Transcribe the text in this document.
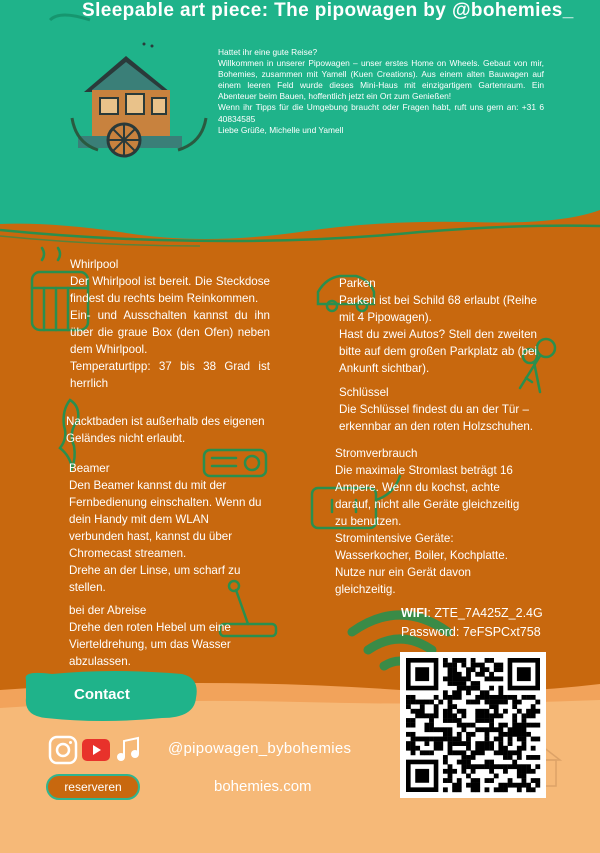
Sleepable art piece: The pipowagen by @bohemies_
Hattet ihr eine gute Reise?
Willkommen in unserer Pipowagen – unser erstes Home on Wheels. Gebaut von mir, Bohemies, zusammen mit Yamell (Kuen Creations). Aus einem alten Bauwagen auf einem leeren Feld wurde dieses Mini-Haus mit einzigartigem Gartenraum. Ein Abenteuer beim Bauen, hoffentlich jetzt ein Ort zum Genießen!
Wenn ihr Tipps für die Umgebung braucht oder Fragen habt, ruft uns gern an: +31 6 40834585
Liebe Grüße, Michelle und Yamell
Whirlpool
Der Whirlpool ist bereit. Die Steckdose findest du rechts beim Reinkommen.
Ein- und Ausschalten kannst du ihn über die graue Box (den Ofen) neben dem Whirlpool.
Temperaturtipp: 37 bis 38 Grad ist herrlich
Nacktbaden ist außerhalb des eigenen Geländes nicht erlaubt.
Beamer
Den Beamer kannst du mit der Fernbedienung einschalten. Wenn du dein Handy mit dem WLAN verbunden hast, kannst du über Chromecast streamen.
Drehe an der Linse, um scharf zu stellen.
bei der Abreise
Drehe den roten Hebel um eine Vierteldrehung, um das Wasser abzulassen.
Parken
Parken ist bei Schild 68 erlaubt (Reihe mit 4 Pipowagen).
Hast du zwei Autos? Stell den zweiten bitte auf dem großen Parkplatz ab (bei Ankunft sichtbar).
Schlüssel
Die Schlüssel findest du an der Tür – erkennbar an den roten Holzschuhen.
Stromverbrauch
Die maximale Stromlast beträgt 16 Ampere. Wenn du kochst, achte darauf, nicht alle Geräte gleichzeitig zu benutzen.
Stromintensive Geräte: Wasserkocher, Boiler, Kochplatte. Nutze nur ein Gerät davon gleichzeitig.
WIFI: ZTE_7A425Z_2.4G
Password: 7eFSPCxt758
Contact
@pipowagen_bybohemies
bohemies.com
reserveren
